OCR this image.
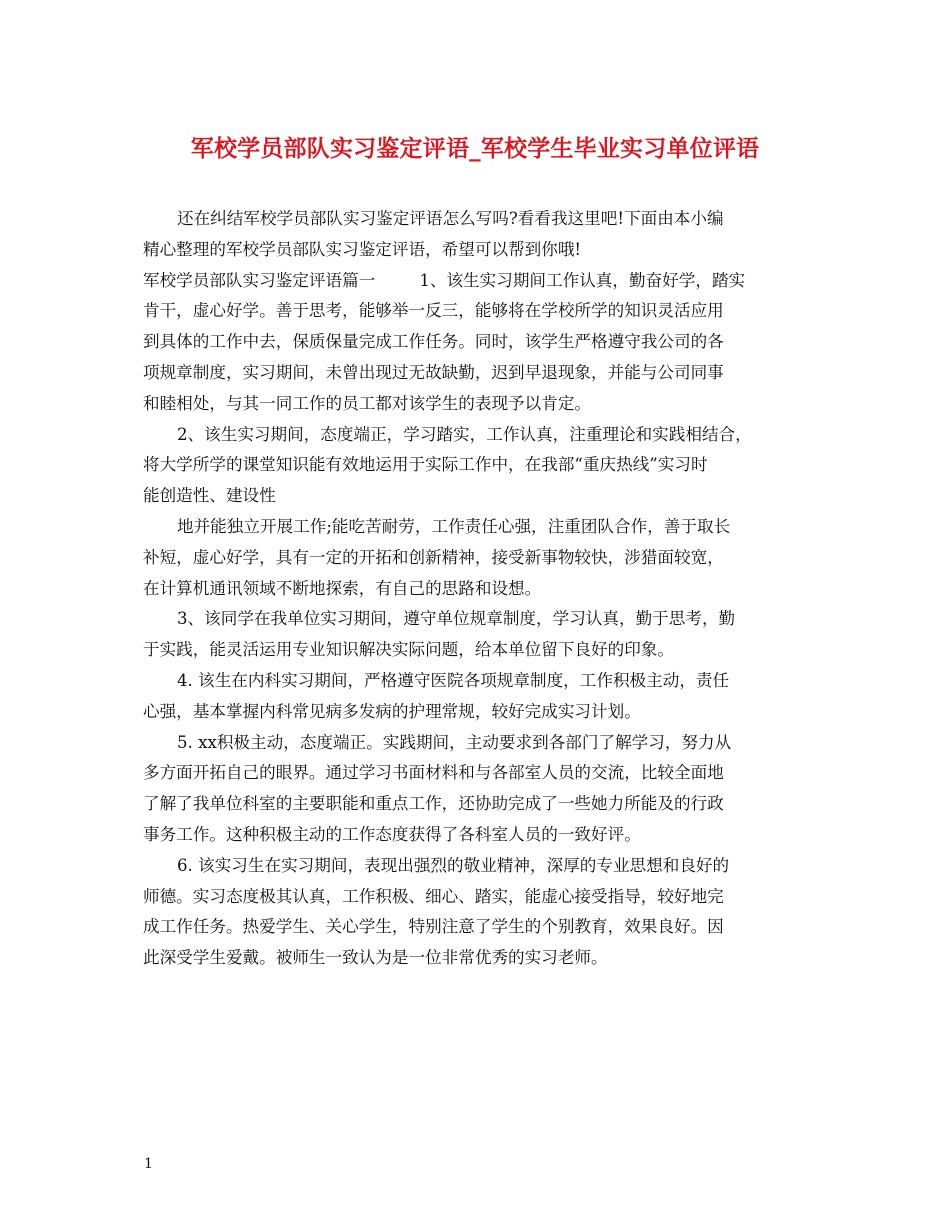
军校学员部队实习鉴定评语_军校学生毕业实习单位评语

还在纠结军校学员部队实习鉴定评语怎么写吗?看看我这里吧!下面由本小编
精心整理的军校学员部队实习鉴定评语，希望可以帮到你哦!

军校学员部队实习鉴定评语篇一	1、该生实习期间工作认真，勤奋好学，踏实
肯干，虚心好学。善于思考，能够举一反三，能够将在学校所学的知识灵活应用
到具体的工作中去，保质保量完成工作任务。同时，该学生严格遵守我公司的各
项规章制度，实习期间，未曾出现过无故缺勤，迟到早退现象，并能与公司同事
和睦相处，与其一同工作的员工都对该学生的表现予以肯定。

2、该生实习期间，态度端正，学习踏实，工作认真，注重理论和实践相结合，
将大学所学的课堂知识能有效地运用于实际工作中，在我部“重庆热线”实习时
能创造性、建设性

地并能独立开展工作;能吃苦耐劳，工作责任心强，注重团队合作，善于取长
补短，虚心好学，具有一定的开拓和创新精神，接受新事物较快，涉猎面较宽，
在计算机通讯领域不断地探索，有自己的思路和设想。

3、该同学在我单位实习期间，遵守单位规章制度，学习认真，勤于思考，勤
于实践，能灵活运用专业知识解决实际问题，给本单位留下良好的印象。

4. 该生在内科实习期间，严格遵守医院各项规章制度，工作积极主动，责任
心强，基本掌握内科常见病多发病的护理常规，较好完成实习计划。

5. xx积极主动，态度端正。实践期间，主动要求到各部门了解学习，努力从
多方面开拓自己的眼界。通过学习书面材料和与各部室人员的交流，比较全面地
了解了我单位科室的主要职能和重点工作，还协助完成了一些她力所能及的行政
事务工作。这种积极主动的工作态度获得了各科室人员的一致好评。

6. 该实习生在实习期间，表现出强烈的敬业精神，深厚的专业思想和良好的
师德。实习态度极其认真，工作积极、细心、踏实，能虚心接受指导，较好地完
成工作任务。热爱学生、关心学生，特别注意了学生的个别教育，效果良好。因
此深受学生爱戴。被师生一致认为是一位非常优秀的实习老师。

1
